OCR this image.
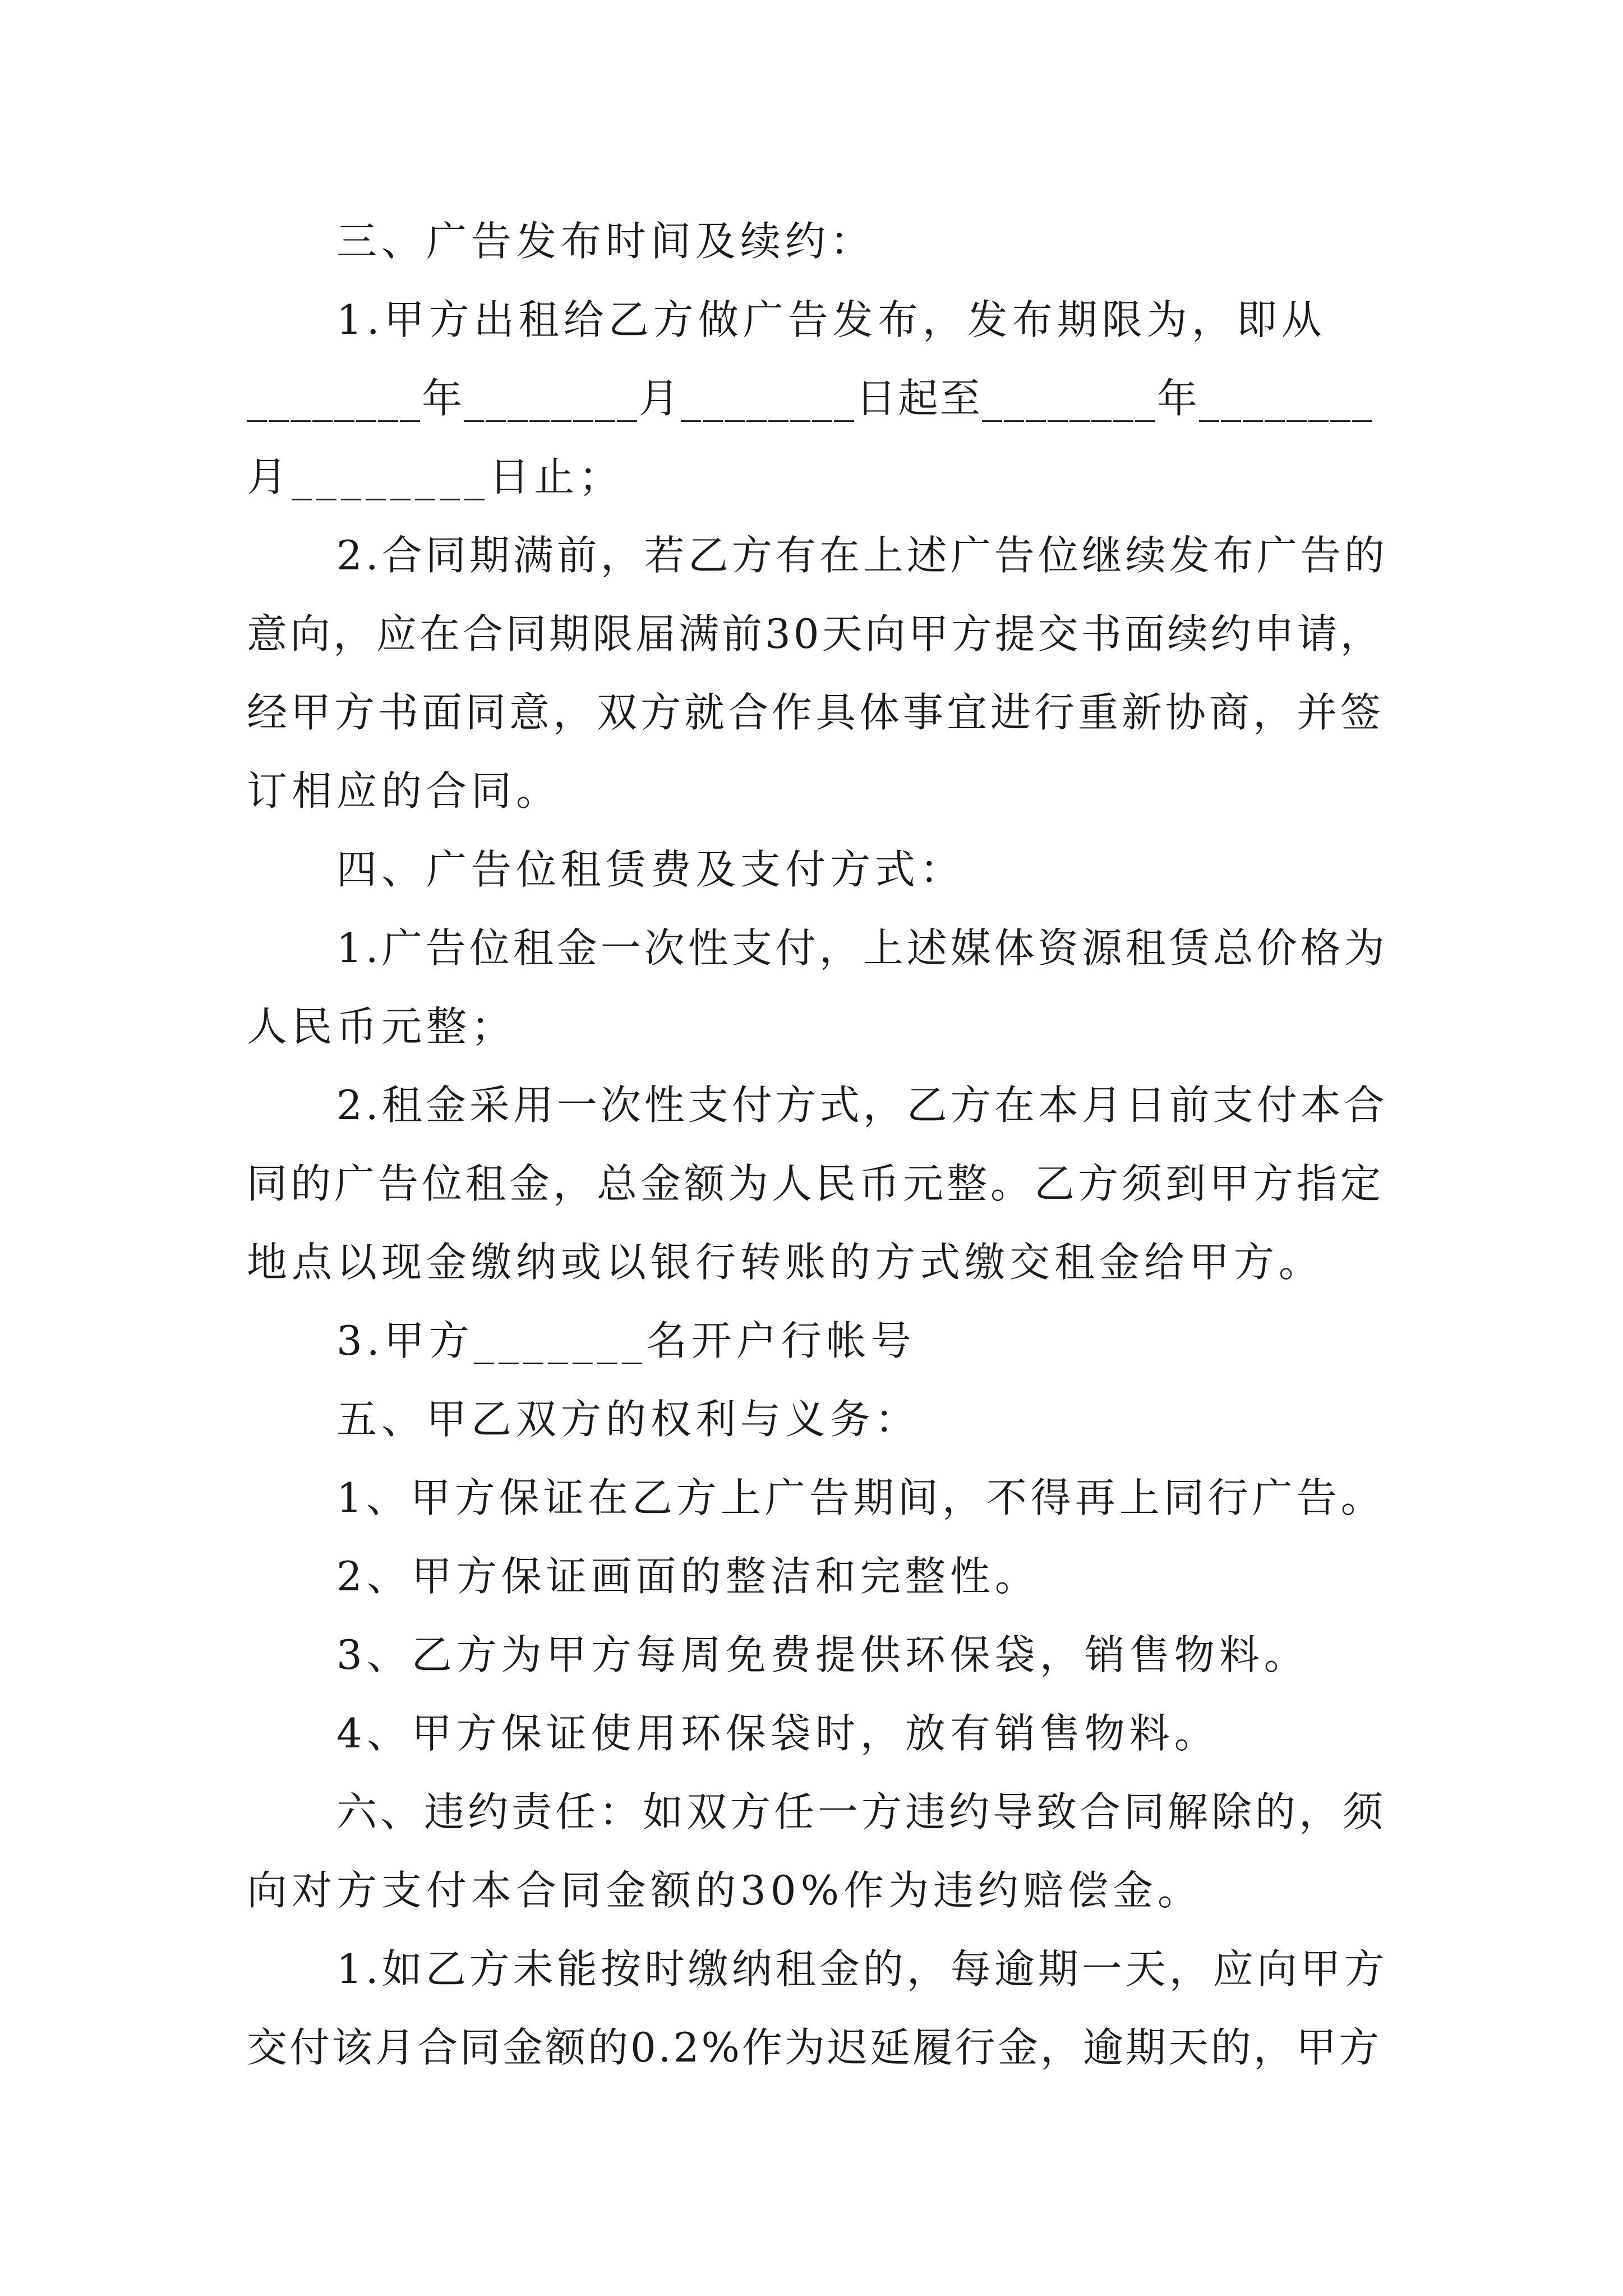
三、广告发布时间及续约：
1.甲方出租给乙方做广告发布，发布期限为，即从
________年________月________日起至________年________
月________日止；
2.合同期满前，若乙方有在上述广告位继续发布广告的
意向，应在合同期限届满前30天向甲方提交书面续约申请，
经甲方书面同意，双方就合作具体事宜进行重新协商，并签
订相应的合同。
四、广告位租赁费及支付方式：
1.广告位租金一次性支付，上述媒体资源租赁总价格为
人民币元整；
2.租金采用一次性支付方式，乙方在本月日前支付本合
同的广告位租金，总金额为人民币元整。乙方须到甲方指定
地点以现金缴纳或以银行转账的方式缴交租金给甲方。
3.甲方_______名开户行帐号
五、甲乙双方的权利与义务：
1、甲方保证在乙方上广告期间，不得再上同行广告。
2、甲方保证画面的整洁和完整性。
3、乙方为甲方每周免费提供环保袋，销售物料。
4、甲方保证使用环保袋时，放有销售物料。
六、违约责任：如双方任一方违约导致合同解除的，须
向对方支付本合同金额的30%作为违约赔偿金。
1.如乙方未能按时缴纳租金的，每逾期一天，应向甲方
交付该月合同金额的0.2%作为迟延履行金，逾期天的，甲方
